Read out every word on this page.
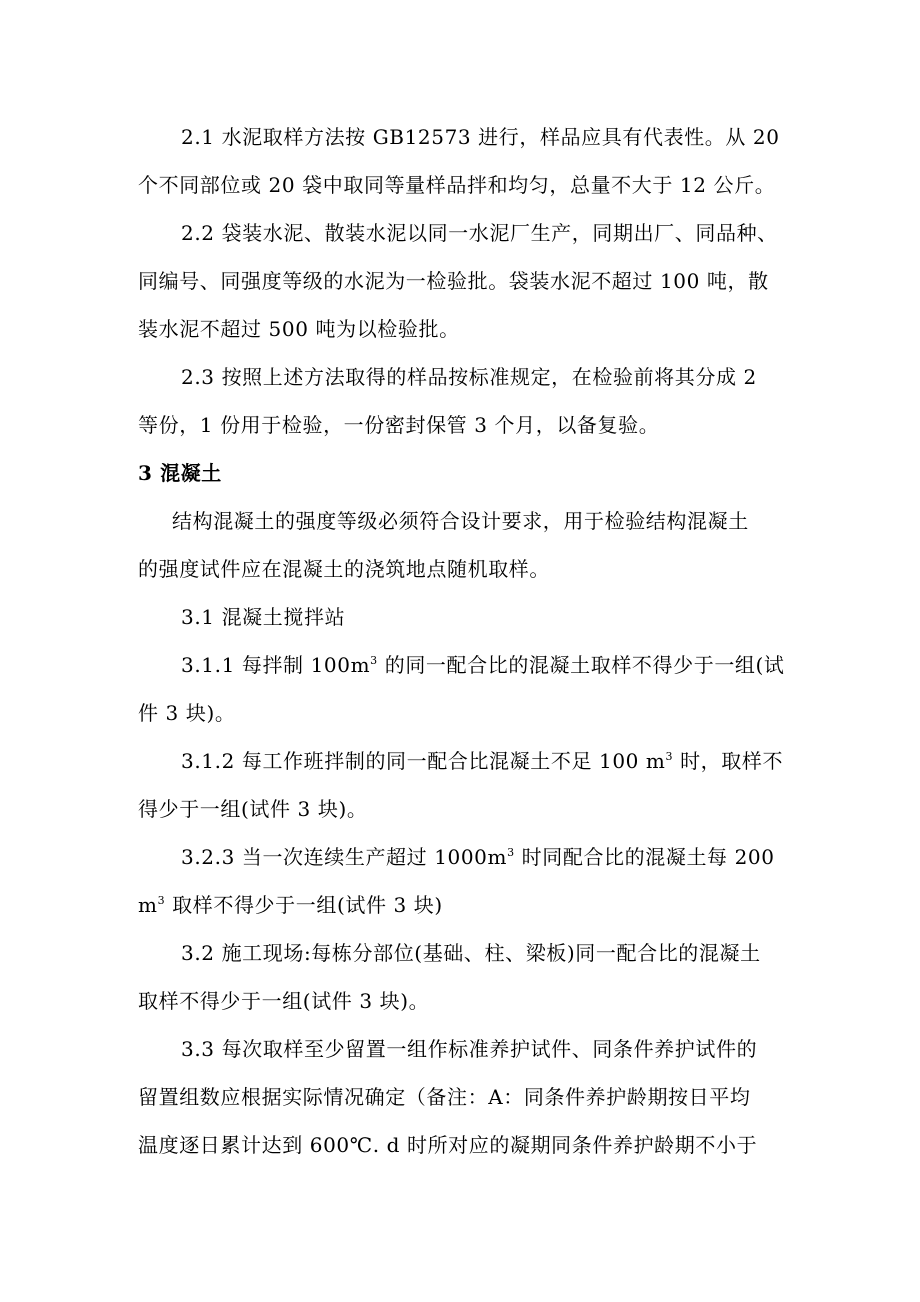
2.1 水泥取样方法按 GB12573 进行，样品应具有代表性。从 20
个不同部位或 20 袋中取同等量样品拌和均匀，总量不大于 12 公斤。
2.2 袋装水泥、散装水泥以同一水泥厂生产，同期出厂、同品种、
同编号、同强度等级的水泥为一检验批。袋装水泥不超过 100 吨，散
装水泥不超过 500 吨为以检验批。
2.3 按照上述方法取得的样品按标准规定，在检验前将其分成 2
等份，1 份用于检验，一份密封保管 3 个月，以备复验。
3 混凝土
结构混凝土的强度等级必须符合设计要求，用于检验结构混凝土
的强度试件应在混凝土的浇筑地点随机取样。
3.1 混凝土搅拌站
3.1.1 每拌制 $100m^3$ 的同一配合比的混凝土取样不得少于一组(试
件 3 块)。
3.1.2 每工作班拌制的同一配合比混凝土不足 100 $m^3$ 时，取样不
得少于一组(试件 3 块)。
3.2.3 当一次连续生产超过 $1000m^3$ 时同配合比的混凝土每 200
$m^3$ 取样不得少于一组(试件 3 块)
3.2 施工现场:每栋分部位(基础、柱、梁板)同一配合比的混凝土
取样不得少于一组(试件 3 块)。
3.3 每次取样至少留置一组作标准养护试件、同条件养护试件的
留置组数应根据实际情况确定（备注：A：同条件养护龄期按日平均
温度逐日累计达到 600℃. d 时所对应的凝期同条件养护龄期不小于
